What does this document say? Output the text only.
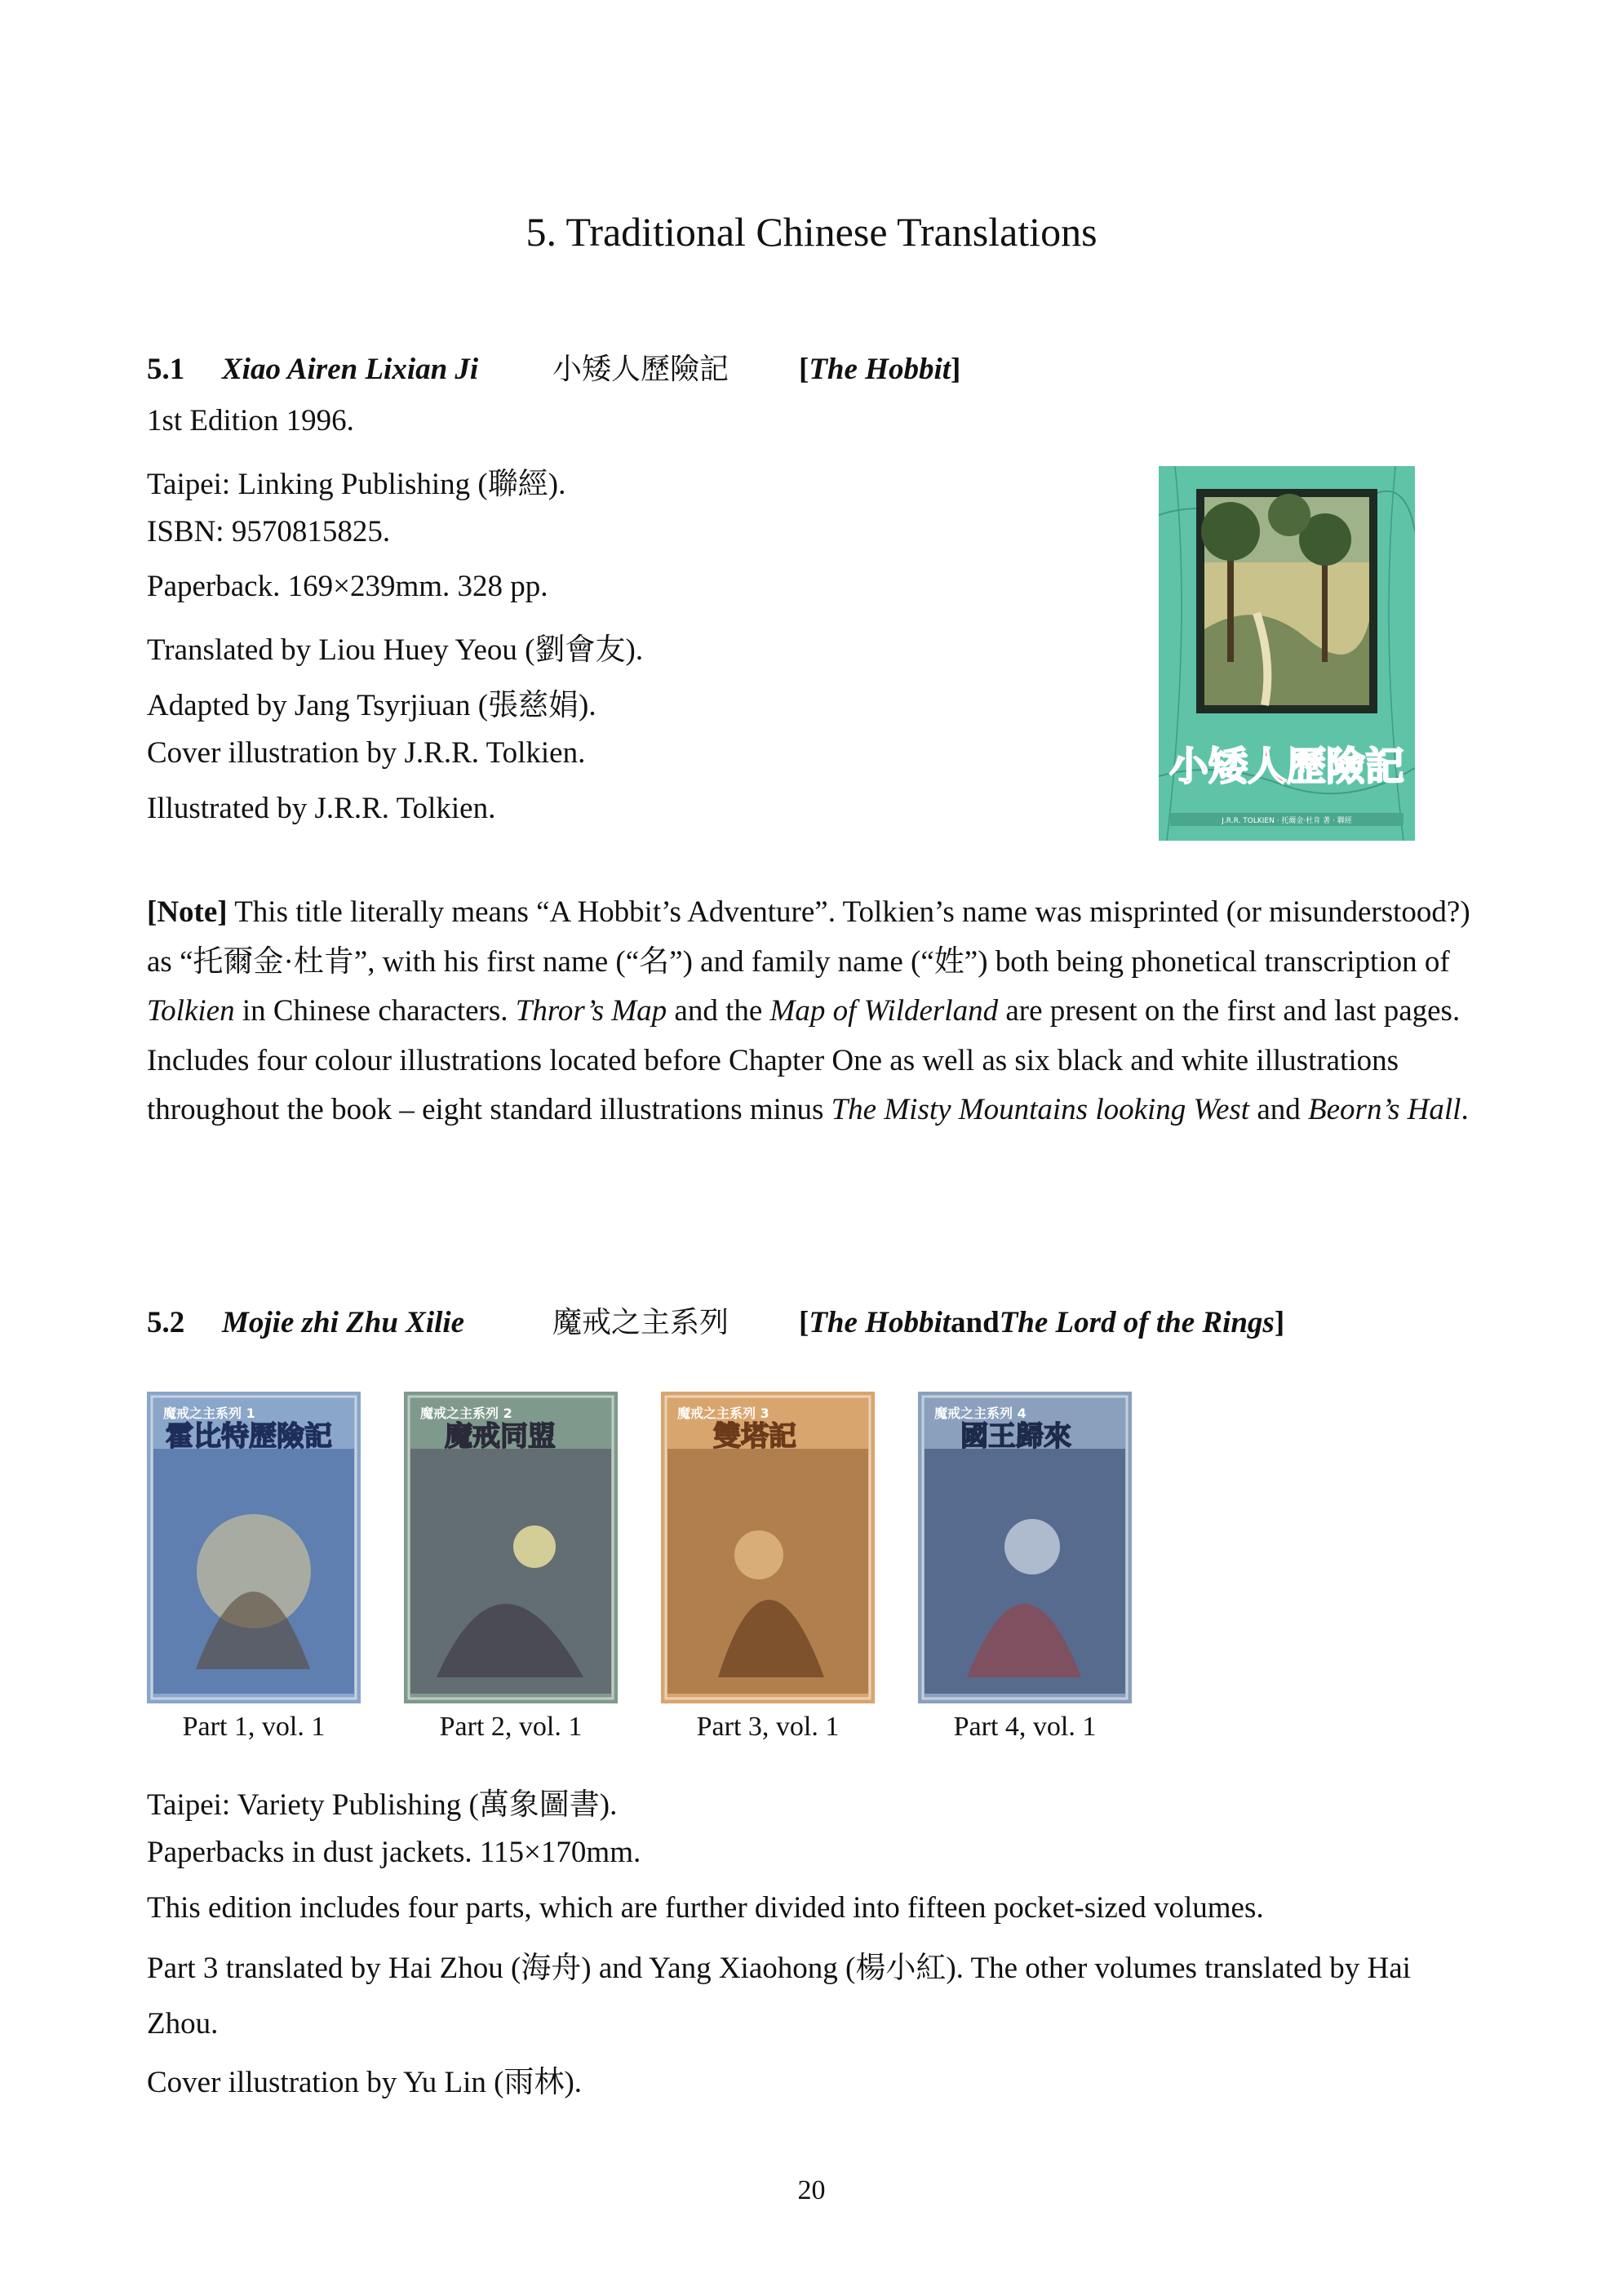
5. Traditional Chinese Translations
5.1 Xiao Airen Lixian Ji	小矮人歷險記 [The Hobbit]

1st Edition 1996.

Taipei: Linking Publishing (聯經).

ISBN: 9570815825.

Paperback. 169×239mm. 328 pp.

Translated by Liou Huey Yeou (劉會友).

Adapted by Jang Tsyrjiuan (張慈娟).

Cover illustration by J.R.R. Tolkien.

Illustrated by J.R.R. Tolkien.

小矮人歷險記
J.R.R. TOLKIEN · 托爾金·杜肯 著 · 聯經

[Note] This title literally means “A Hobbit’s Adventure”. Tolkien’s name was misprinted (or misunderstood?) as “托爾金·杜肯”, with his first name (“名”) and family name (“姓”) both being phonetical transcription of Tolkien in Chinese characters. Thror’s Map and the Map of Wilderland are present on the first and last pages. Includes four colour illustrations located before Chapter One as well as six black and white illustrations throughout the book – eight standard illustrations minus The Misty Mountains looking West and Beorn’s Hall.

5.2 Mojie zhi Zhu Xilie	魔戒之主系列 [The HobbitandThe Lord of the Rings]
魔戒之主系列 1
霍比特歷險記
魔戒之主系列 2
魔戒同盟
魔戒之主系列 3
雙塔記
魔戒之主系列 4
國王歸來
Part 1, vol. 1	Part 2, vol. 1	Part 3, vol. 1	Part 4, vol. 1

Taipei: Variety Publishing (萬象圖書).

Paperbacks in dust jackets. 115×170mm.

This edition includes four parts, which are further divided into fifteen pocket-sized volumes.

Part 3 translated by Hai Zhou (海舟) and Yang Xiaohong (楊小紅). The other volumes translated by Hai Zhou.

Cover illustration by Yu Lin (雨林).

20
